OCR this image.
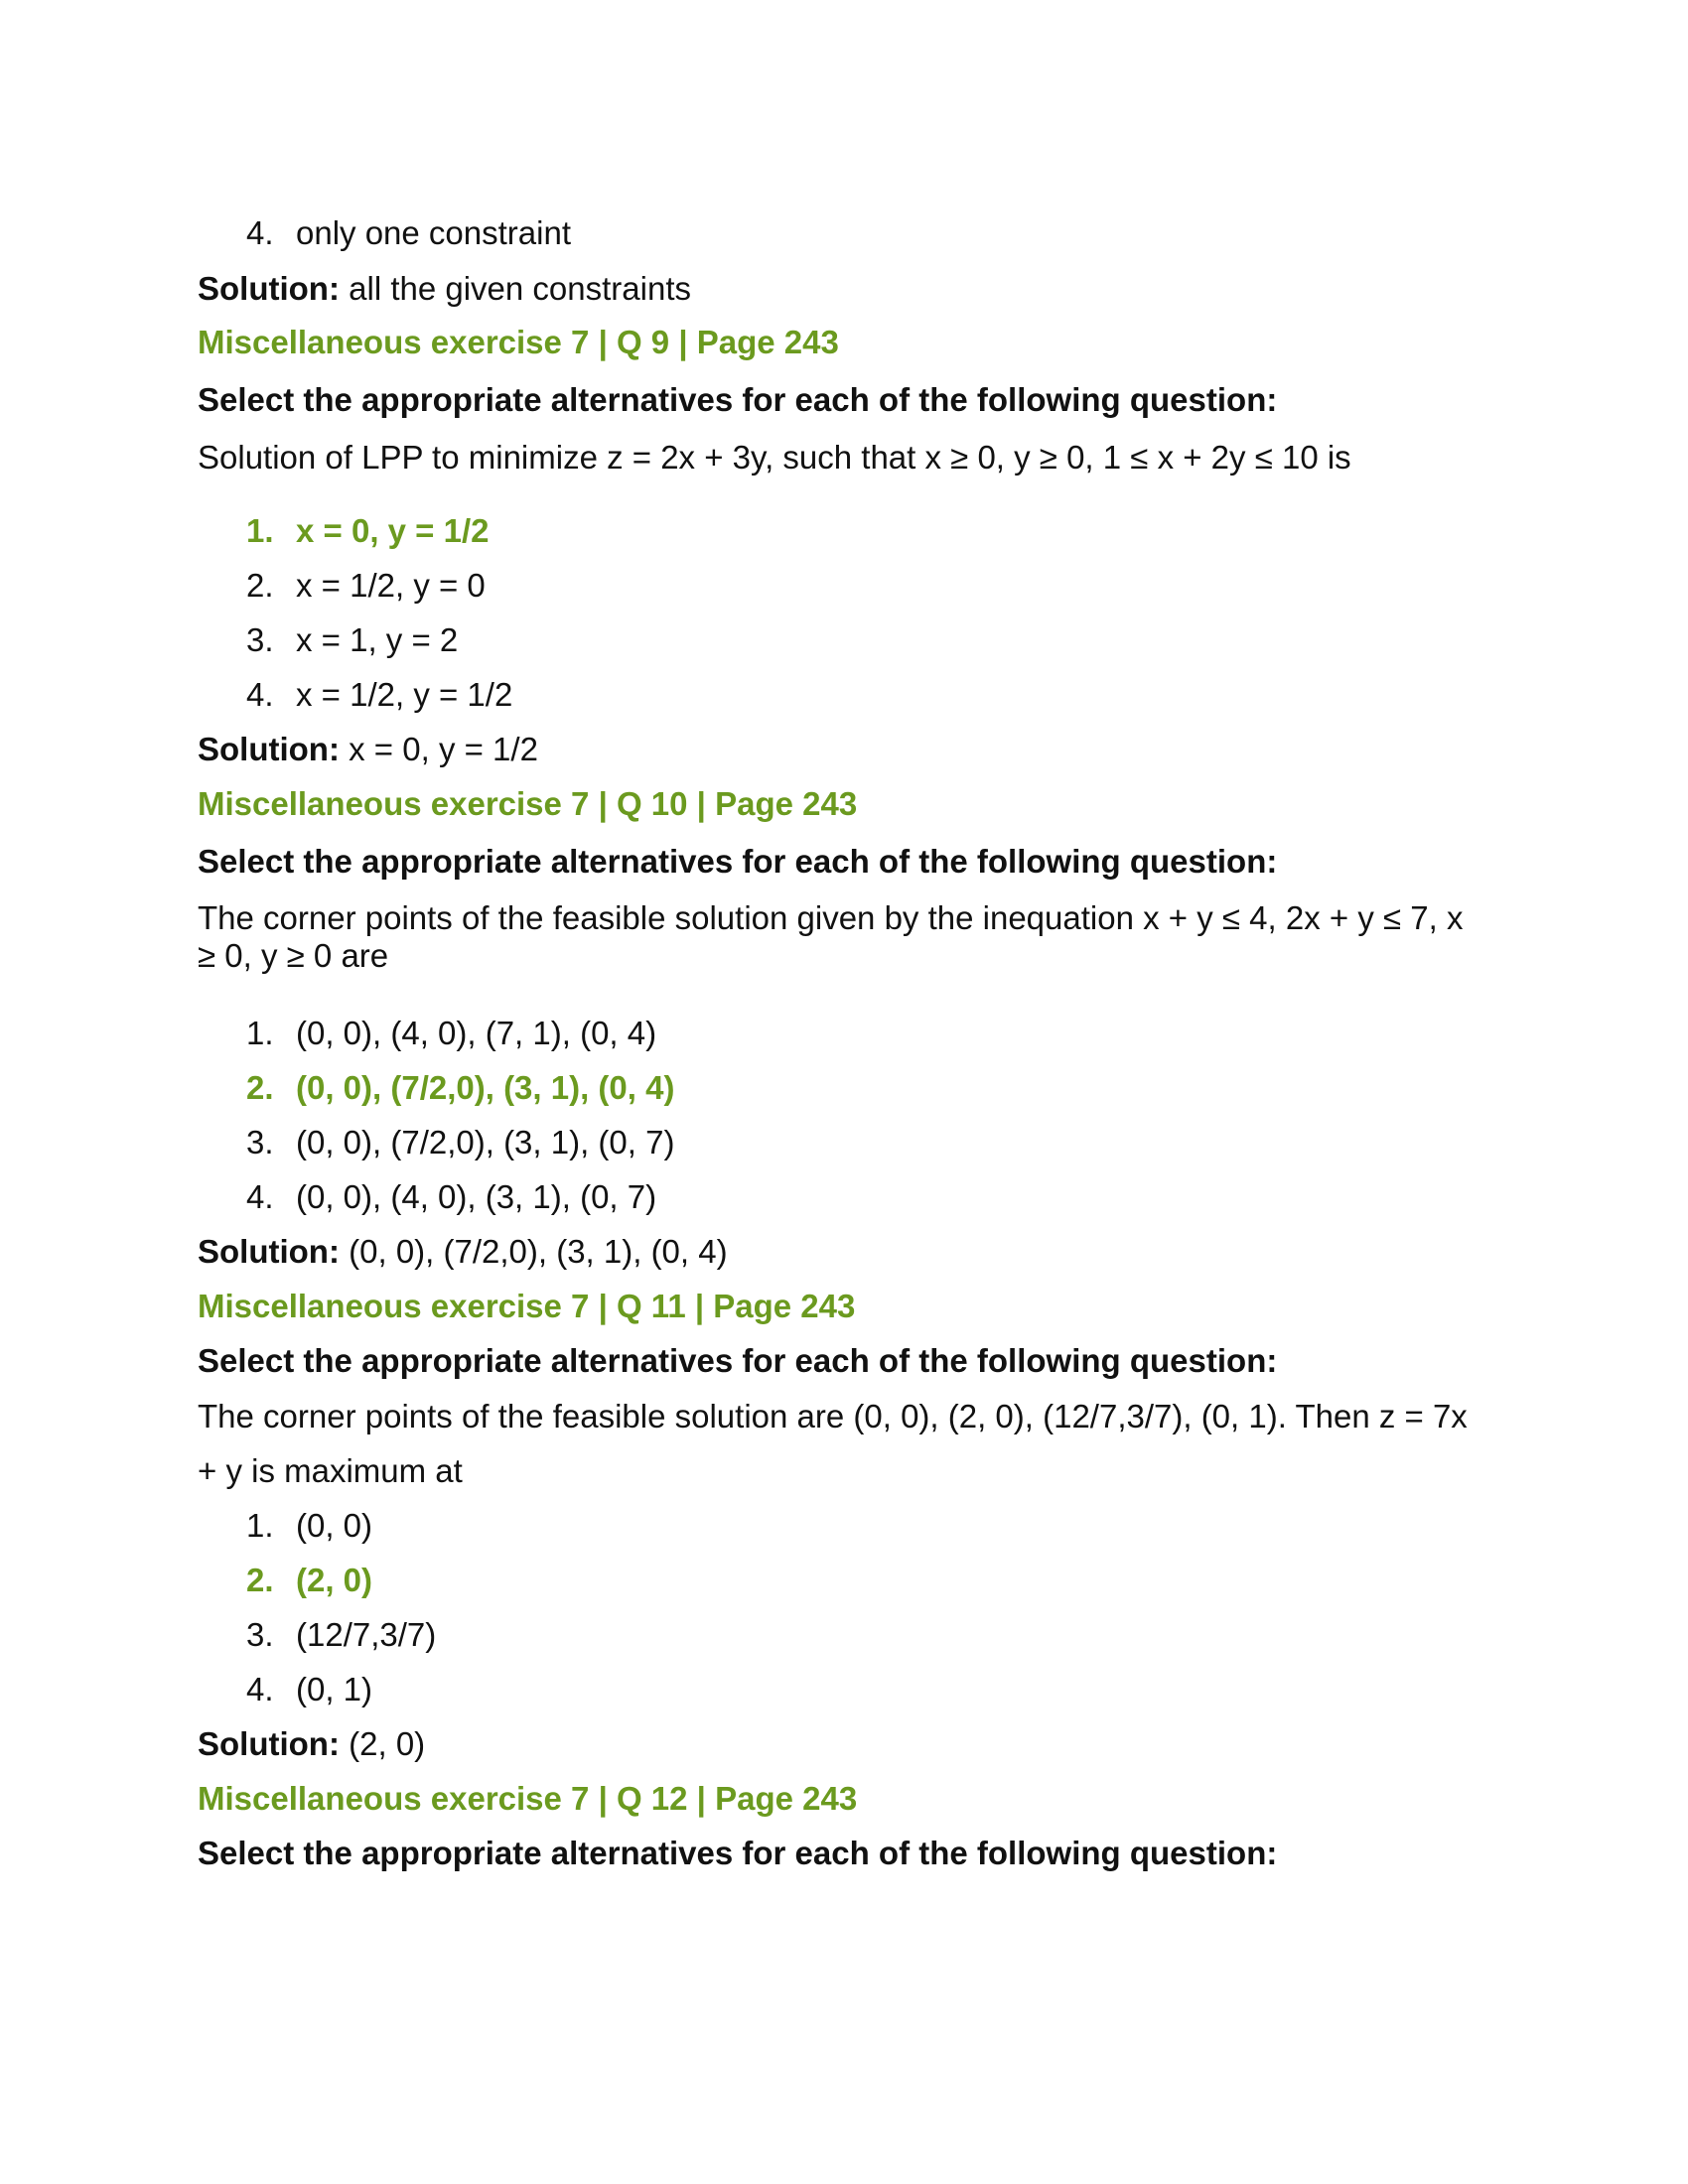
4. only one constraint
Solution: all the given constraints
Miscellaneous exercise 7 | Q 9 | Page 243
Select the appropriate alternatives for each of the following question:
Solution of LPP to minimize z = 2x + 3y, such that x ≥ 0, y ≥ 0, 1 ≤ x + 2y ≤ 10 is
1. x = 0, y = 1/2
2. x = 1/2, y = 0
3. x = 1, y = 2
4. x = 1/2, y = 1/2
Solution: x = 0, y = 1/2
Miscellaneous exercise 7 | Q 10 | Page 243
Select the appropriate alternatives for each of the following question:
The corner points of the feasible solution given by the inequation x + y ≤ 4, 2x + y ≤ 7, x ≥ 0, y ≥ 0 are
1. (0, 0), (4, 0), (7, 1), (0, 4)
2. (0, 0), (7/2,0), (3, 1), (0, 4)
3. (0, 0), (7/2,0), (3, 1), (0, 7)
4. (0, 0), (4, 0), (3, 1), (0, 7)
Solution: (0, 0), (7/2,0), (3, 1), (0, 4)
Miscellaneous exercise 7 | Q 11 | Page 243
Select the appropriate alternatives for each of the following question:
The corner points of the feasible solution are (0, 0), (2, 0), (12/7,3/7), (0, 1). Then z = 7x
+ y is maximum at
1. (0, 0)
2. (2, 0)
3. (12/7,3/7)
4. (0, 1)
Solution: (2, 0)
Miscellaneous exercise 7 | Q 12 | Page 243
Select the appropriate alternatives for each of the following question:
